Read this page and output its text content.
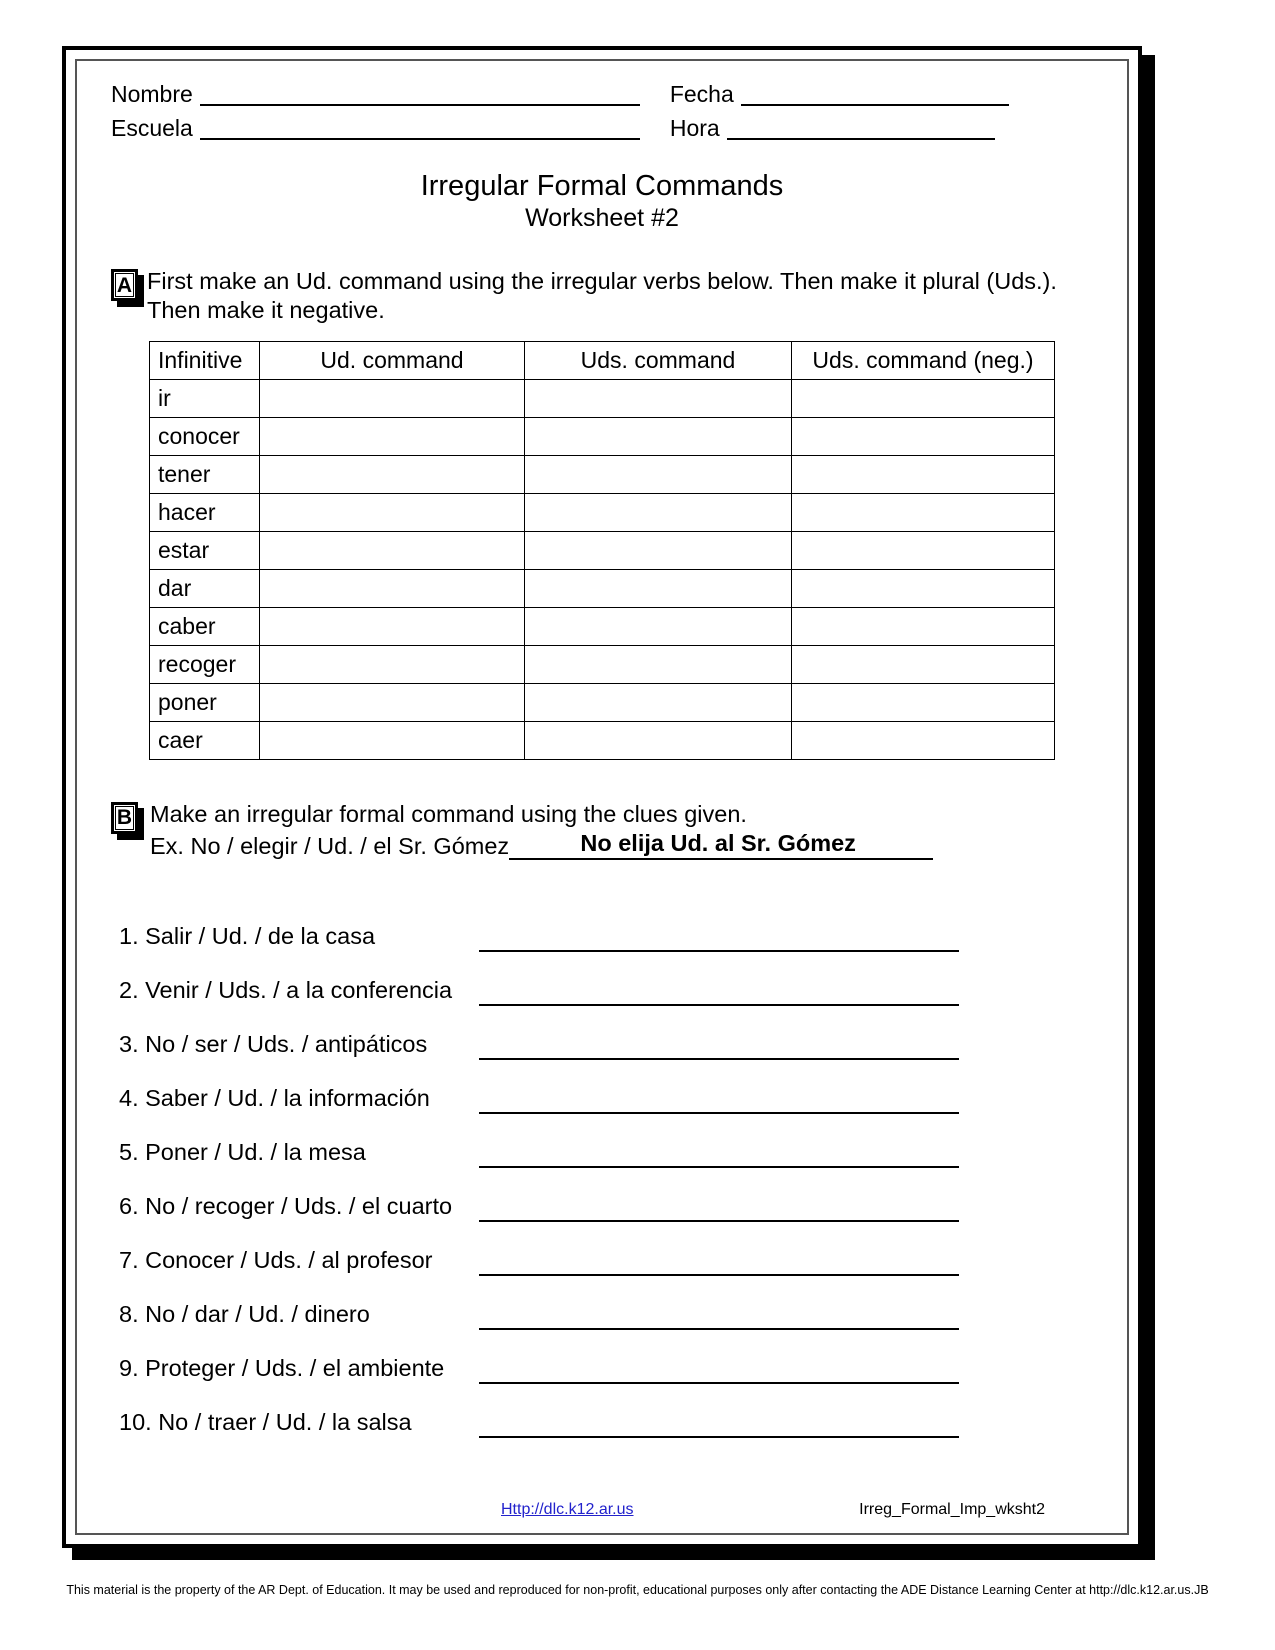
Nombre	Fecha
Escuela	Hora
Irregular Formal Commands
Worksheet #2
A First make an Ud. command using the irregular verbs below. Then make it plural (Uds.). Then make it negative.
Infinitive	Ud. command	Uds. command	Uds. command (neg.)
ir			
conocer			
tener			
hacer			
estar			
dar			
caber			
recoger			
poner			
caer			
B Make an irregular formal command using the clues given.
Ex. No / elegir / Ud. / el Sr. Gómez	No elija Ud. al Sr. Gómez
1. Salir / Ud. / de la casa
2. Venir / Uds. / a la conferencia
3. No / ser / Uds. / antipáticos
4. Saber / Ud. / la información
5. Poner / Ud. / la mesa
6. No / recoger / Uds. / el cuarto
7. Conocer / Uds. / al profesor
8. No / dar / Ud. / dinero
9. Proteger / Uds. / el ambiente
10. No / traer / Ud. / la salsa
Http://dlc.k12.ar.us	Irreg_Formal_Imp_wksht2
This material is the property of the AR Dept. of Education. It may be used and reproduced for non-profit, educational purposes only after contacting the ADE Distance Learning Center at http://dlc.k12.ar.us.JB
